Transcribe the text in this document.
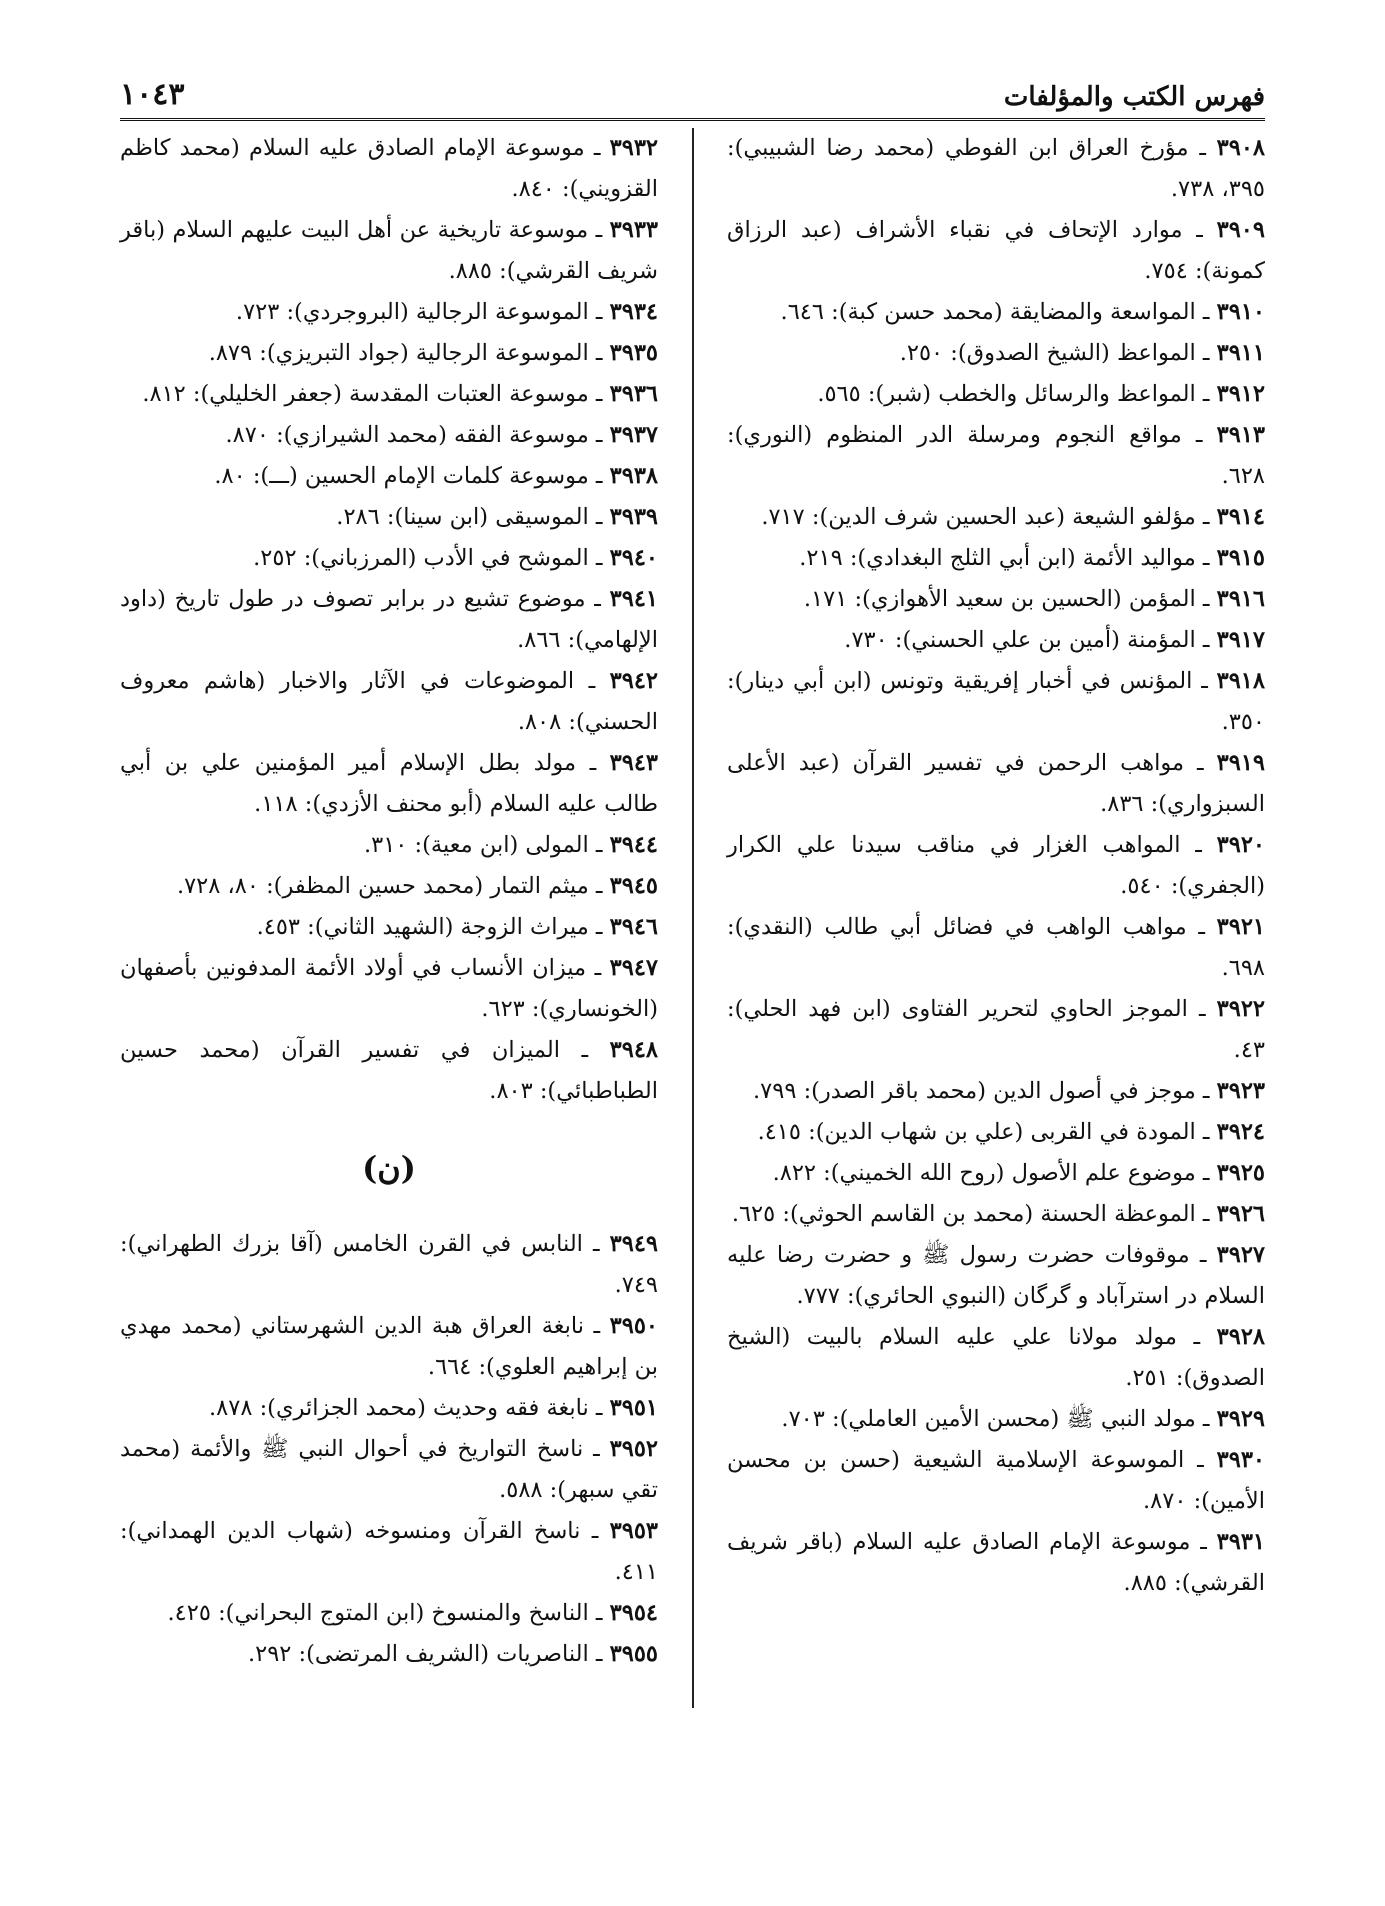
فهرس الكتب والمؤلفات
١٠٤٣

٣٩٠٨ ـ مؤرخ العراق ابن الفوطي (محمد رضا الشبيبي): ٣٩٥، ٧٣٨.

٣٩٠٩ ـ موارد الإتحاف في نقباء الأشراف (عبد الرزاق كمونة): ٧٥٤.

٣٩١٠ ـ المواسعة والمضايقة (محمد حسن كبة): ٦٤٦.

٣٩١١ ـ المواعظ (الشيخ الصدوق): ٢٥٠.

٣٩١٢ ـ المواعظ والرسائل والخطب (شبر): ٥٦٥.

٣٩١٣ ـ مواقع النجوم ومرسلة الدر المنظوم (النوري): ٦٢٨.

٣٩١٤ ـ مؤلفو الشيعة (عبد الحسين شرف الدين): ٧١٧.

٣٩١٥ ـ مواليد الأئمة (ابن أبي الثلج البغدادي): ٢١٩.

٣٩١٦ ـ المؤمن (الحسين بن سعيد الأهوازي): ١٧١.

٣٩١٧ ـ المؤمنة (أمين بن علي الحسني): ٧٣٠.

٣٩١٨ ـ المؤنس في أخبار إفريقية وتونس (ابن أبي دينار): ٣٥٠.

٣٩١٩ ـ مواهب الرحمن في تفسير القرآن (عبد الأعلى السبزواري): ٨٣٦.

٣٩٢٠ ـ المواهب الغزار في مناقب سيدنا علي الكرار (الجفري): ٥٤٠.

٣٩٢١ ـ مواهب الواهب في فضائل أبي طالب (النقدي): ٦٩٨.

٣٩٢٢ ـ الموجز الحاوي لتحرير الفتاوى (ابن فهد الحلي): ٤٣.

٣٩٢٣ ـ موجز في أصول الدين (محمد باقر الصدر): ٧٩٩.

٣٩٢٤ ـ المودة في القربى (علي بن شهاب الدين): ٤١٥.

٣٩٢٥ ـ موضوع علم الأصول (روح الله الخميني): ٨٢٢.

٣٩٢٦ ـ الموعظة الحسنة (محمد بن القاسم الحوثي): ٦٢٥.

٣٩٢٧ ـ موقوفات حضرت رسول ﷺ و حضرت رضا عليه السلام در استرآباد و گرگان (النبوي الحائري): ٧٧٧.

٣٩٢٨ ـ مولد مولانا علي عليه السلام بالبيت (الشيخ الصدوق): ٢٥١.

٣٩٢٩ ـ مولد النبي ﷺ (محسن الأمين العاملي): ٧٠٣.

٣٩٣٠ ـ الموسوعة الإسلامية الشيعية (حسن بن محسن الأمين): ٨٧٠.

٣٩٣١ ـ موسوعة الإمام الصادق عليه السلام (باقر شريف القرشي): ٨٨٥.

٣٩٣٢ ـ موسوعة الإمام الصادق عليه السلام (محمد كاظم القزويني): ٨٤٠.

٣٩٣٣ ـ موسوعة تاريخية عن أهل البيت عليهم السلام (باقر شريف القرشي): ٨٨٥.

٣٩٣٤ ـ الموسوعة الرجالية (البروجردي): ٧٢٣.

٣٩٣٥ ـ الموسوعة الرجالية (جواد التبريزي): ٨٧٩.

٣٩٣٦ ـ موسوعة العتبات المقدسة (جعفر الخليلي): ٨١٢.

٣٩٣٧ ـ موسوعة الفقه (محمد الشيرازي): ٨٧٠.

٣٩٣٨ ـ موسوعة كلمات الإمام الحسين (ـــ): ٨٠.

٣٩٣٩ ـ الموسيقى (ابن سينا): ٢٨٦.

٣٩٤٠ ـ الموشح في الأدب (المرزباني): ٢٥٢.

٣٩٤١ ـ موضوع تشيع در برابر تصوف در طول تاريخ (داود الإلهامي): ٨٦٦.

٣٩٤٢ ـ الموضوعات في الآثار والاخبار (هاشم معروف الحسني): ٨٠٨.

٣٩٤٣ ـ مولد بطل الإسلام أمير المؤمنين علي بن أبي طالب عليه السلام (أبو محنف الأزدي): ١١٨.

٣٩٤٤ ـ المولى (ابن معية): ٣١٠.

٣٩٤٥ ـ ميثم التمار (محمد حسين المظفر): ٨٠، ٧٢٨.

٣٩٤٦ ـ ميراث الزوجة (الشهيد الثاني): ٤٥٣.

٣٩٤٧ ـ ميزان الأنساب في أولاد الأئمة المدفونين بأصفهان (الخونساري): ٦٢٣.

٣٩٤٨ ـ الميزان في تفسير القرآن (محمد حسين الطباطبائي): ٨٠٣.

(ن)

٣٩٤٩ ـ النابس في القرن الخامس (آقا بزرك الطهراني): ٧٤٩.

٣٩٥٠ ـ نابغة العراق هبة الدين الشهرستاني (محمد مهدي بن إبراهيم العلوي): ٦٦٤.

٣٩٥١ ـ نابغة فقه وحديث (محمد الجزائري): ٨٧٨.

٣٩٥٢ ـ ناسخ التواريخ في أحوال النبي ﷺ والأئمة (محمد تقي سبهر): ٥٨٨.

٣٩٥٣ ـ ناسخ القرآن ومنسوخه (شهاب الدين الهمداني): ٤١١.

٣٩٥٤ ـ الناسخ والمنسوخ (ابن المتوج البحراني): ٤٢٥.

٣٩٥٥ ـ الناصريات (الشريف المرتضى): ٢٩٢.
